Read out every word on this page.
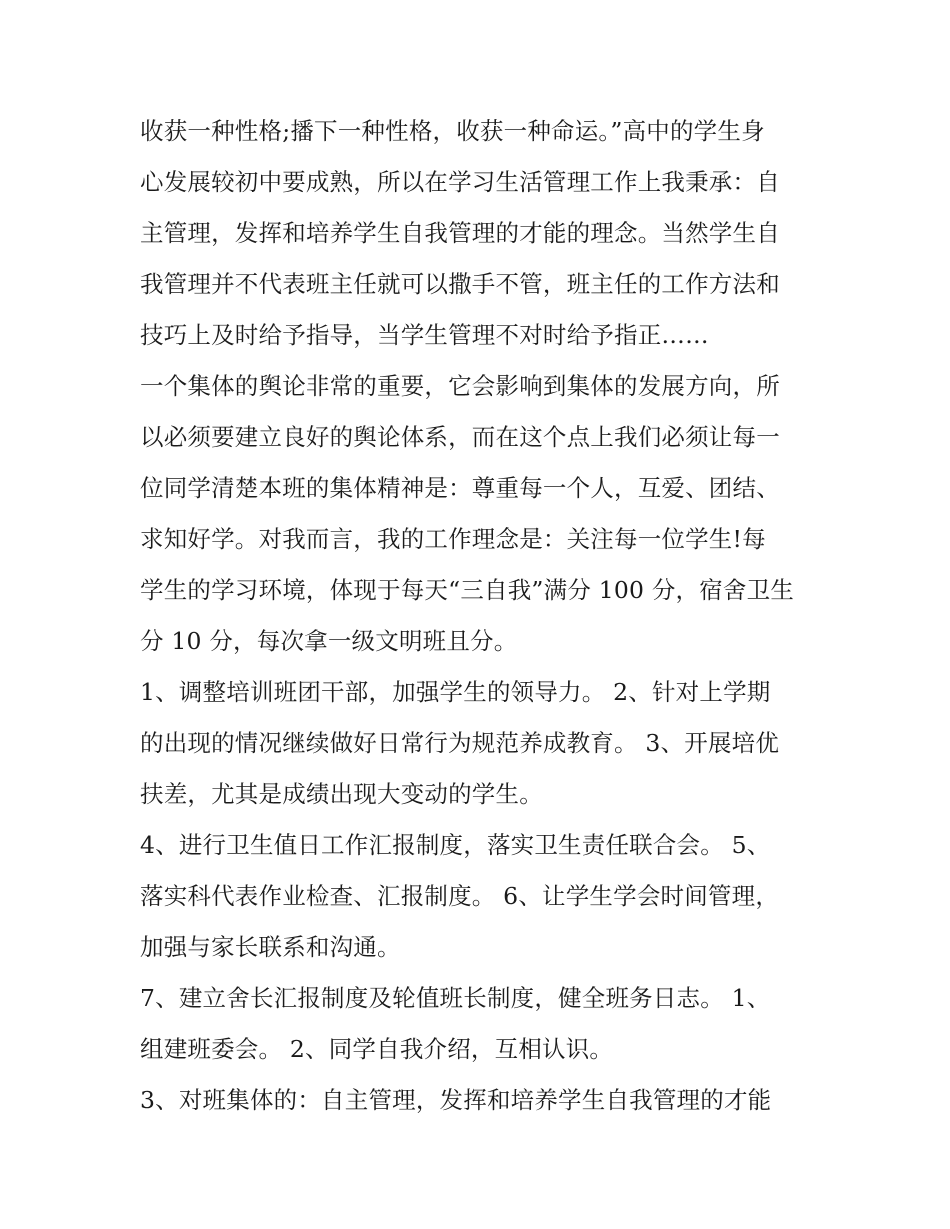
收获一种性格;播下一种性格，收获一种命运。”高中的学生身
心发展较初中要成熟，所以在学习生活管理工作上我秉承：自
主管理，发挥和培养学生自我管理的才能的理念。当然学生自
我管理并不代表班主任就可以撒手不管，班主任的工作方法和
技巧上及时给予指导，当学生管理不对时给予指正……
一个集体的舆论非常的重要，它会影响到集体的发展方向，所
以必须要建立良好的舆论体系，而在这个点上我们必须让每一
位同学清楚本班的集体精神是：尊重每一个人，互爱、团结、
求知好学。对我而言，我的工作理念是：关注每一位学生!每
学生的学习环境，体现于每天“三自我”满分 100 分，宿舍卫生
分 10 分，每次拿一级文明班且分。
1、调整培训班团干部，加强学生的领导力。 2、针对上学期
的出现的情况继续做好日常行为规范养成教育。 3、开展培优
扶差，尤其是成绩出现大变动的学生。
4、进行卫生值日工作汇报制度，落实卫生责任联合会。 5、
落实科代表作业检查、汇报制度。 6、让学生学会时间管理，
加强与家长联系和沟通。
7、建立舍长汇报制度及轮值班长制度，健全班务日志。 1、
组建班委会。 2、同学自我介绍，互相认识。
3、对班集体的：自主管理，发挥和培养学生自我管理的才能
